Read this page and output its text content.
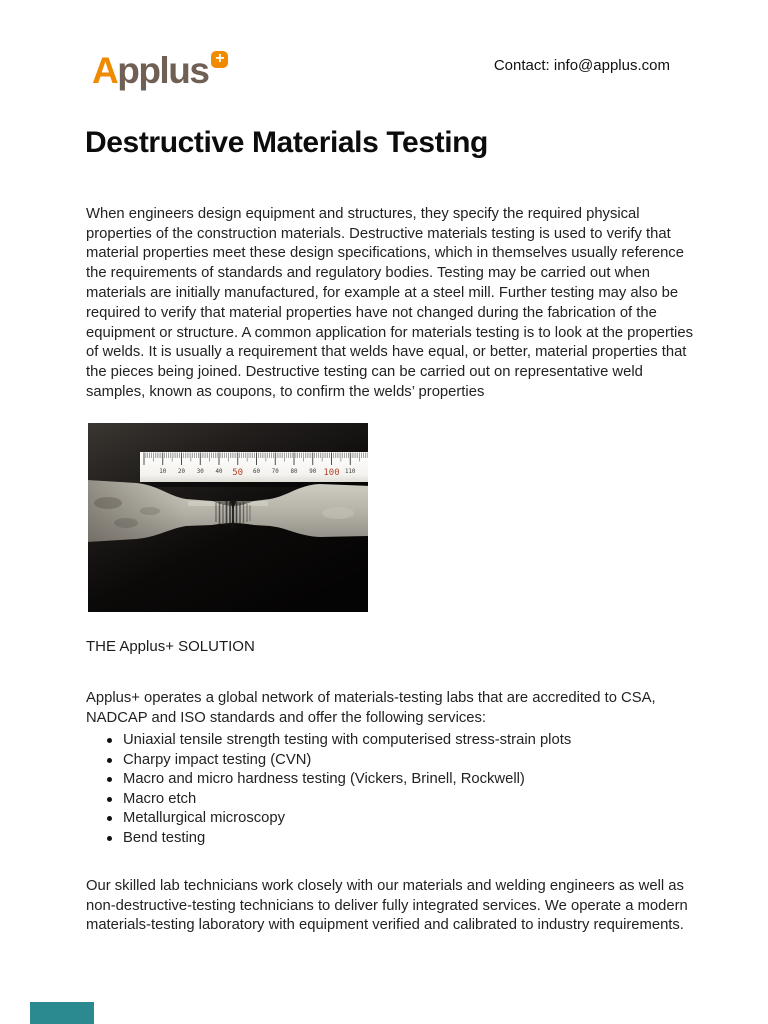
Applus +	Contact: info@applus.com
Destructive Materials Testing

When engineers design equipment and structures, they specify the required physical properties of the construction materials. Destructive materials testing is used to verify that material properties meet these design specifications, which in themselves usually reference the requirements of standards and regulatory bodies. Testing may be carried out when materials are initially manufactured, for example at a steel mill. Further testing may also be required to verify that material properties have not changed during the fabrication of the equipment or structure. A common application for materials testing is to look at the properties of welds. It is usually a requirement that welds have equal, or better, material properties that the pieces being joined. Destructive testing can be carried out on representative weld samples, known as coupons, to confirm the welds’ properties

10 20 30 40 50 60 70 80 90 100 110
THE Applus+ SOLUTION

Applus+ operates a global network of materials-testing labs that are accredited to CSA, NADCAP and ISO standards and offer the following services:

Uniaxial tensile strength testing with computerised stress-strain plots
Charpy impact testing (CVN)
Macro and micro hardness testing (Vickers, Brinell, Rockwell)
Macro etch
Metallurgical microscopy
Bend testing

Our skilled lab technicians work closely with our materials and welding engineers as well as non-destructive-testing technicians to deliver fully integrated services. We operate a modern materials-testing laboratory with equipment verified and calibrated to industry requirements.
